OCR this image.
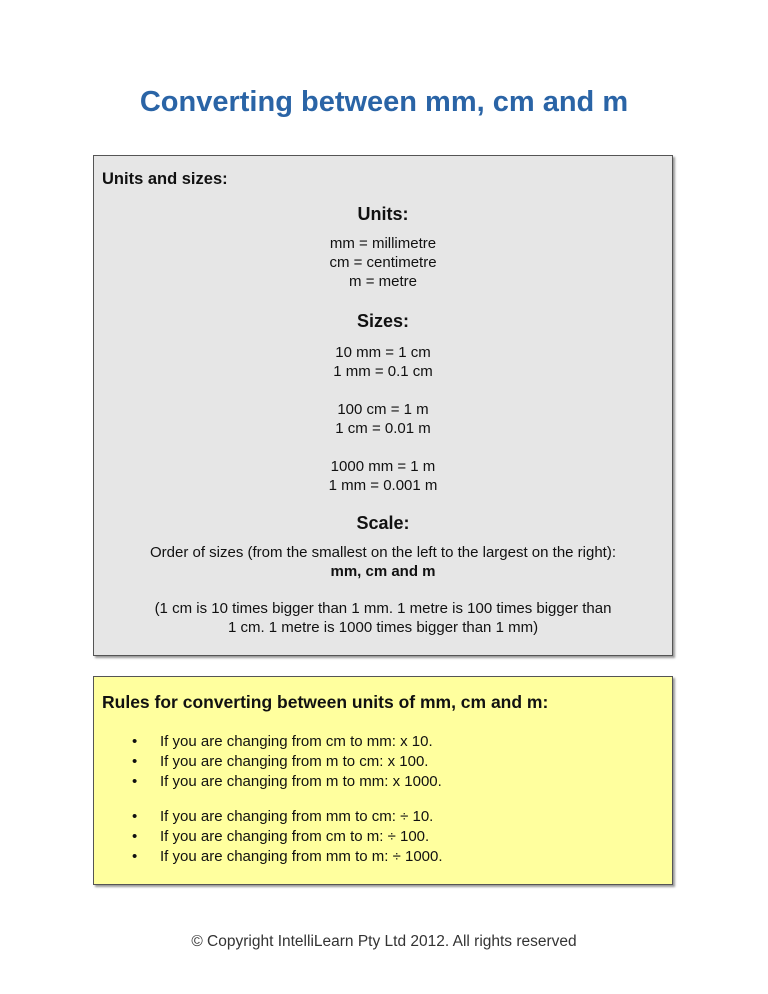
Converting between mm, cm and m
Units and sizes:
Units:
mm = millimetre
cm = centimetre
m = metre
Sizes:
10 mm = 1 cm
1 mm = 0.1 cm
100 cm = 1 m
1 cm = 0.01 m
1000 mm = 1 m
1 mm = 0.001 m
Scale:
Order of sizes (from the smallest on the left to the largest on the right):
mm, cm and m
(1 cm is 10 times bigger than 1 mm. 1 metre is 100 times bigger than
1 cm. 1 metre is 1000 times bigger than 1 mm)
Rules for converting between units of mm, cm and m:
• If you are changing from cm to mm: x 10.
• If you are changing from m to cm: x 100.
• If you are changing from m to mm: x 1000.
• If you are changing from mm to cm: ÷ 10.
• If you are changing from cm to m: ÷ 100.
• If you are changing from mm to m: ÷ 1000.
© Copyright IntelliLearn Pty Ltd 2012. All rights reserved
